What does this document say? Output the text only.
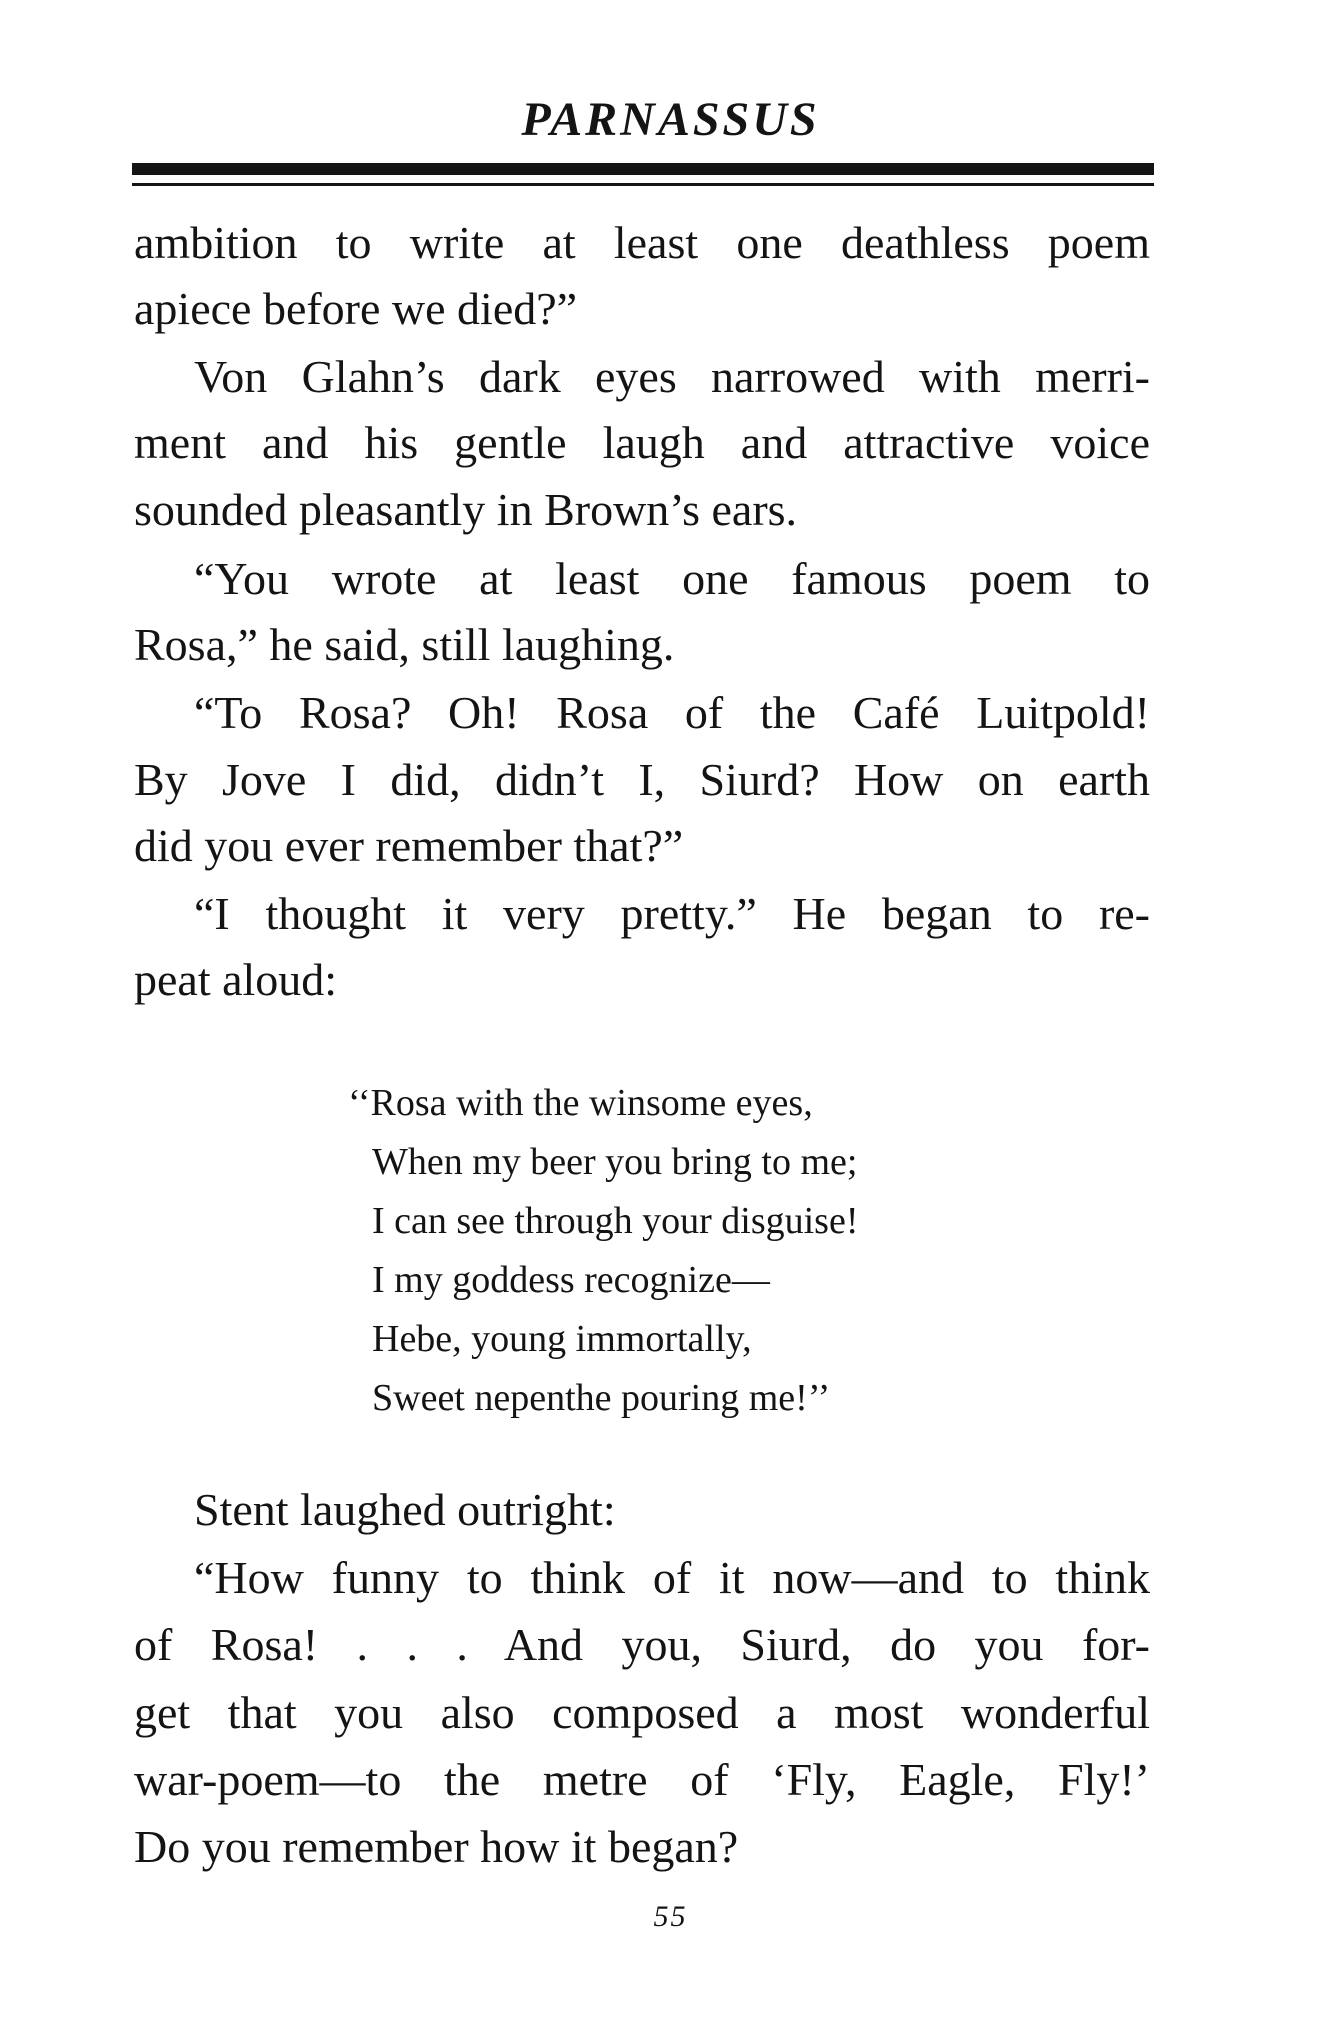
PARNASSUS
ambition to write at least one deathless poem
apiece before we died?”
Von Glahn’s dark eyes narrowed with merri-
ment and his gentle laugh and attractive voice
sounded pleasantly in Brown’s ears.
“You wrote at least one famous poem to
Rosa,” he said, still laughing.
“To Rosa? Oh! Rosa of the Café Luitpold!
By Jove I did, didn’t I, Siurd? How on earth
did you ever remember that?”
“I thought it very pretty.” He began to re-
peat aloud:
‘‘Rosa with the winsome eyes,
When my beer you bring to me;
I can see through your disguise!
I my goddess recognize—
Hebe, young immortally,
Sweet nepenthe pouring me!’’
Stent laughed outright:
“How funny to think of it now—and to think
of Rosa! . . . And you, Siurd, do you for-
get that you also composed a most wonderful
war-poem—to the metre of ‘Fly, Eagle, Fly!’
Do you remember how it began?
55
